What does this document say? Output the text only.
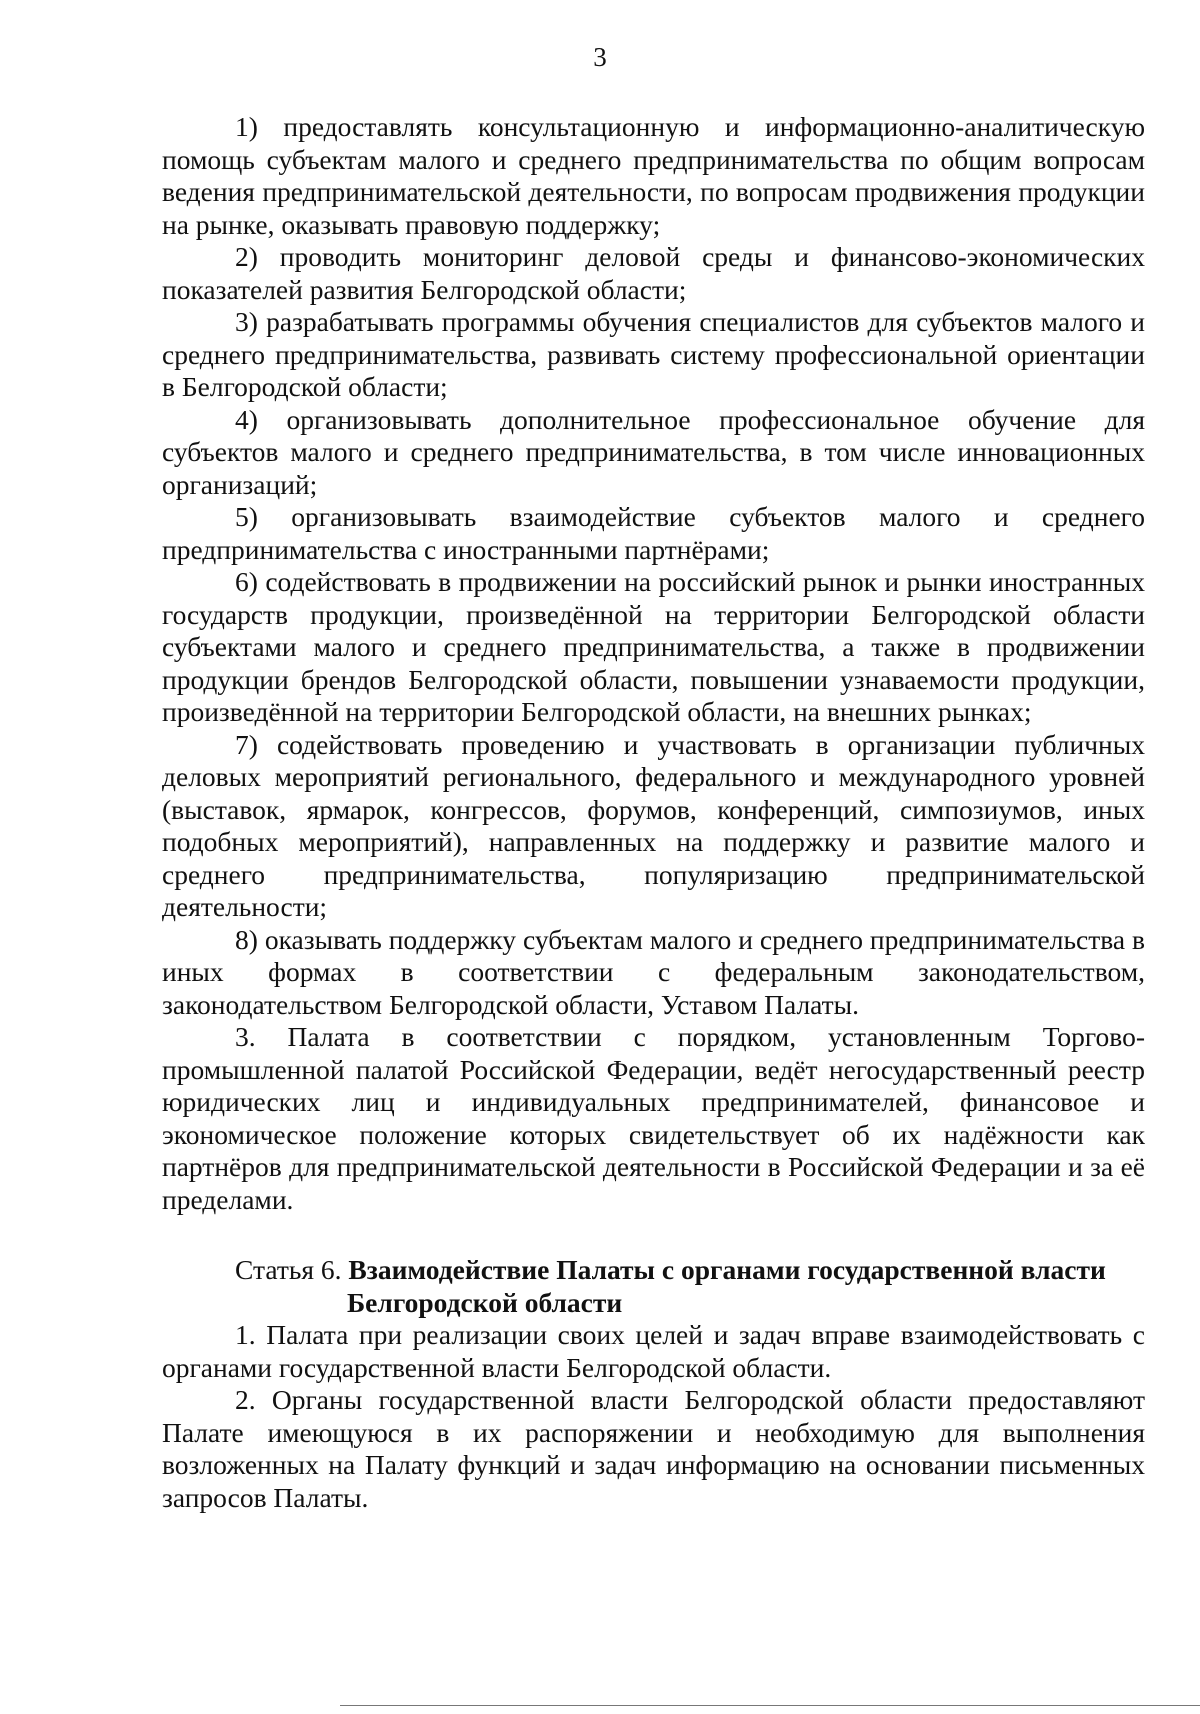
3

1) предоставлять консультационную и информационно-аналитическую помощь субъектам малого и среднего предпринимательства по общим вопросам ведения предпринимательской деятельности, по вопросам продвижения продукции на рынке, оказывать правовую поддержку;

2) проводить мониторинг деловой среды и финансово-экономических показателей развития Белгородской области;

3) разрабатывать программы обучения специалистов для субъектов малого и среднего предпринимательства, развивать систему профессиональной ориентации в Белгородской области;

4) организовывать дополнительное профессиональное обучение для субъектов малого и среднего предпринимательства, в том числе инновационных организаций;

5) организовывать взаимодействие субъектов малого и среднего предпринимательства с иностранными партнёрами;

6) содействовать в продвижении на российский рынок и рынки иностранных государств продукции, произведённой на территории Белгородской области субъектами малого и среднего предпринимательства, а также в продвижении продукции брендов Белгородской области, повышении узнаваемости продукции, произведённой на территории Белгородской области, на внешних рынках;

7) содействовать проведению и участвовать в организации публичных деловых мероприятий регионального, федерального и международного уровней (выставок, ярмарок, конгрессов, форумов, конференций, симпозиумов, иных подобных мероприятий), направленных на поддержку и развитие малого и среднего предпринимательства, популяризацию предпринимательской деятельности;

8) оказывать поддержку субъектам малого и среднего предпринимательства в иных формах в соответствии с федеральным законодательством, законодательством Белгородской области, Уставом Палаты.

3. Палата в соответствии с порядком, установленным Торгово-промышленной палатой Российской Федерации, ведёт негосударственный реестр юридических лиц и индивидуальных предпринимателей, финансовое и экономическое положение которых свидетельствует об их надёжности как партнёров для предпринимательской деятельности в Российской Федерации и за её пределами.

Статья 6. Взаимодействие Палаты с органами государственной власти
Белгородской области

1. Палата при реализации своих целей и задач вправе взаимодействовать с органами государственной власти Белгородской области.

2. Органы государственной власти Белгородской области предоставляют Палате имеющуюся в их распоряжении и необходимую для выполнения возложенных на Палату функций и задач информацию на основании письменных запросов Палаты.
